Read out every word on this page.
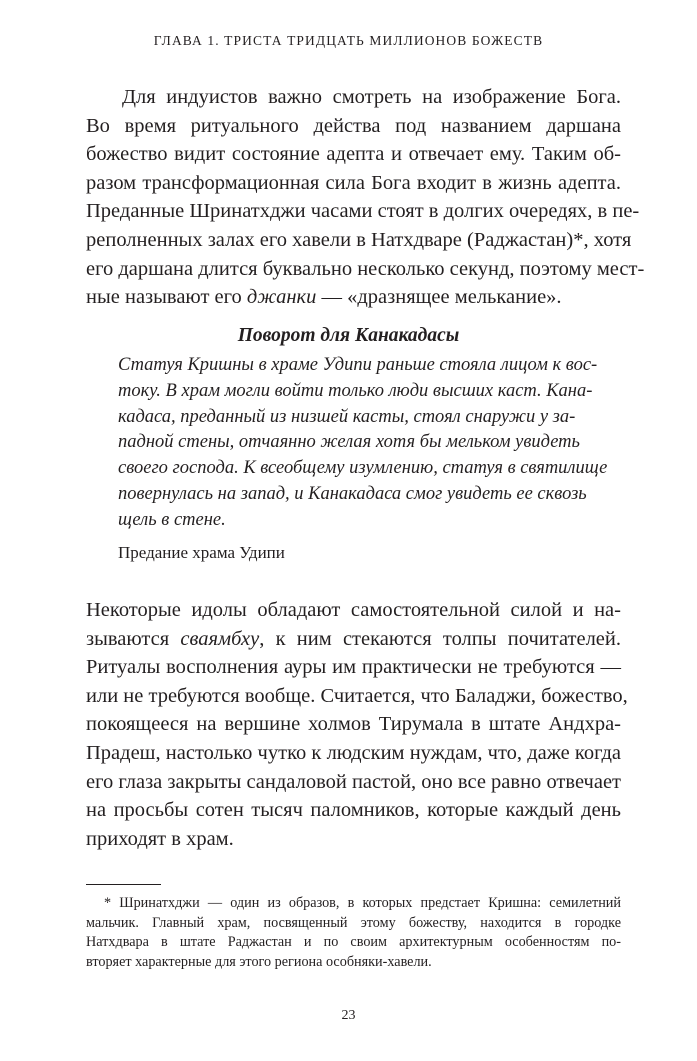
ГЛАВА 1. ТРИСТА ТРИДЦАТЬ МИЛЛИОНОВ БОЖЕСТВ

Для индуистов важно смотреть на изображение Бога.
Во время ритуального действа под названием даршана
божество видит состояние адепта и отвечает ему. Таким об-
разом трансформационная сила Бога входит в жизнь адепта.
Преданные Шринатхджи часами стоят в долгих очередях, в пе-
реполненных залах его хавели в Натхдваре (Раджастан)*, хотя
его даршана длится буквально несколько секунд, поэтому мест-
ные называют его джанки — «дразнящее мелькание».

Поворот для Канакадасы

Статуя Кришны в храме Удипи раньше стояла лицом к вос-
току. В храм могли войти только люди высших каст. Кана-
кадаса, преданный из низшей касты, стоял снаружи у за-
падной стены, отчаянно желая хотя бы мельком увидеть
своего господа. К всеобщему изумлению, статуя в святилище
повернулась на запад, и Канакадаса смог увидеть ее сквозь
щель в стене.

Предание храма Удипи

Некоторые идолы обладают самостоятельной силой и на-
зываются сваямбху, к ним стекаются толпы почитателей.
Ритуалы восполнения ауры им практически не требуются —
или не требуются вообще. Считается, что Баладжи, божество,
покоящееся на вершине холмов Тирумала в штате Андхра-
Прадеш, настолько чутко к людским нуждам, что, даже когда
его глаза закрыты сандаловой пастой, оно все равно отвечает
на просьбы сотен тысяч паломников, которые каждый день
приходят в храм.

* Шринатхджи — один из образов, в которых предстает Кришна: семилетний
мальчик. Главный храм, посвященный этому божеству, находится в городке
Натхдвара в штате Раджастан и по своим архитектурным особенностям по-
вторяет характерные для этого региона особняки-хавели.

23
